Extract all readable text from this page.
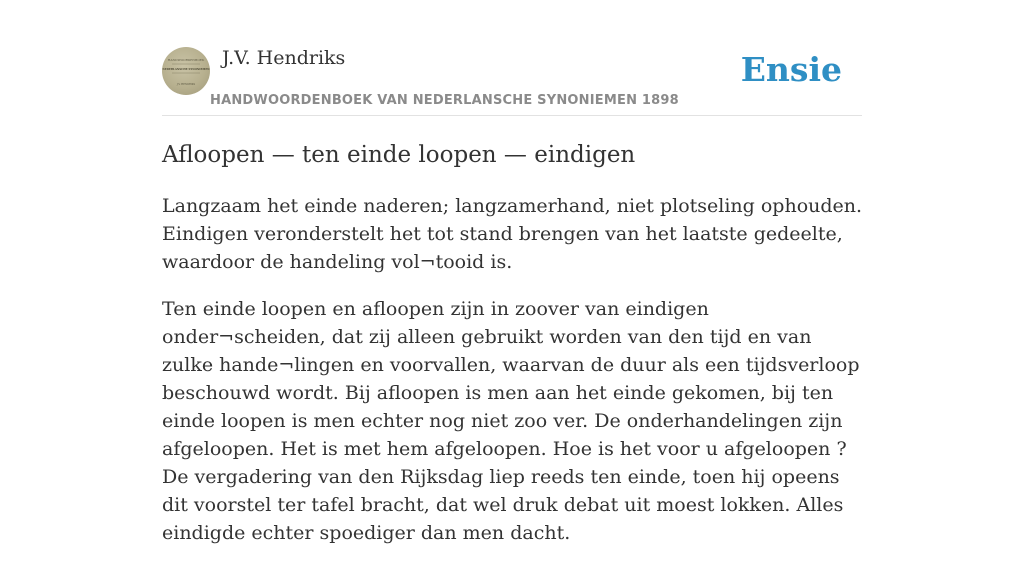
HANDWOORDENBOEK
NEDERLANSCHE SYNONIEMEN
J.V. HENDRIKS
J.V. Hendriks
HANDWOORDENBOEK VAN NEDERLANSCHE SYNONIEMEN 1898
Ensie
Afloopen — ten einde loopen — eindigen

Langzaam het einde naderen; langzamerhand, niet plotseling ophouden. Eindigen veronderstelt het tot stand brengen van het laatste gedeelte, waardoor de handeling vol¬tooid is.

Ten einde loopen en afloopen zijn in zoover van eindigen onder¬scheiden, dat zij alleen gebruikt worden van den tijd en van zulke hande¬lingen en voorvallen, waarvan de duur als een tijdsverloop beschouwd wordt. Bij afloopen is men aan het einde gekomen, bij ten einde loopen is men echter nog niet zoo ver. De onderhandelingen zijn afgeloopen. Het is met hem afgeloopen. Hoe is het voor u afgeloopen ? De vergadering van den Rijksdag liep reeds ten einde, toen hij opeens dit voorstel ter tafel bracht, dat wel druk debat uit moest lokken. Alles eindigde echter spoediger dan men dacht.
